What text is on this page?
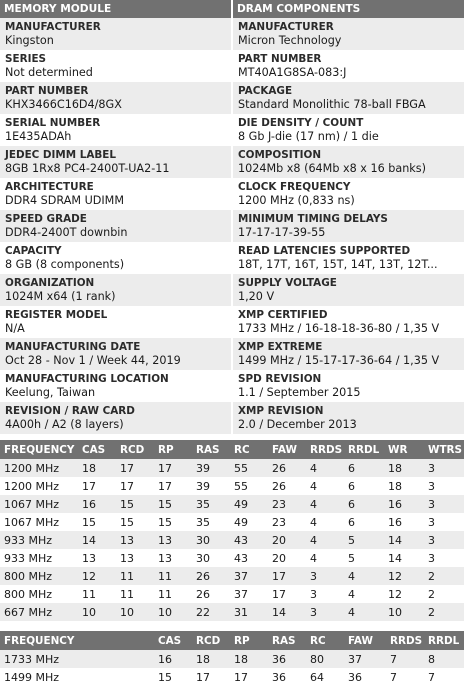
MEMORY MODULE
MANUFACTURER
Kingston
SERIES
Not determined
PART NUMBER
KHX3466C16D4/8GX
SERIAL NUMBER
1E435ADAh
JEDEC DIMM LABEL
8GB 1Rx8 PC4-2400T-UA2-11
ARCHITECTURE
DDR4 SDRAM UDIMM
SPEED GRADE
DDR4-2400T downbin
CAPACITY
8 GB (8 components)
ORGANIZATION
1024M x64 (1 rank)
REGISTER MODEL
N/A
MANUFACTURING DATE
Oct 28 - Nov 1 / Week 44, 2019
MANUFACTURING LOCATION
Keelung, Taiwan
REVISION / RAW CARD
4A00h / A2 (8 layers)
DRAM COMPONENTS
MANUFACTURER
Micron Technology
PART NUMBER
MT40A1G8SA-083:J
PACKAGE
Standard Monolithic 78-ball FBGA
DIE DENSITY / COUNT
8 Gb J-die (17 nm) / 1 die
COMPOSITION
1024Mb x8 (64Mb x8 x 16 banks)
CLOCK FREQUENCY
1200 MHz (0,833 ns)
MINIMUM TIMING DELAYS
17-17-17-39-55
READ LATENCIES SUPPORTED
18T, 17T, 16T, 15T, 14T, 13T, 12T...
SUPPLY VOLTAGE
1,20 V
XMP CERTIFIED
1733 MHz / 16-18-18-36-80 / 1,35 V
XMP EXTREME
1499 MHz / 15-17-17-36-64 / 1,35 V
SPD REVISION
1.1 / September 2015
XMP REVISION
2.0 / December 2013
FREQUENCY	CAS	RCD	RP	RAS	RC	FAW	RRDS	RRDL	WR	WTRS
1200 MHz	18	17	17	39	55	26	4	6	18	3
1200 MHz	17	17	17	39	55	26	4	6	18	3
1067 MHz	16	15	15	35	49	23	4	6	16	3
1067 MHz	15	15	15	35	49	23	4	6	16	3
933 MHz	14	13	13	30	43	20	4	5	14	3
933 MHz	13	13	13	30	43	20	4	5	14	3
800 MHz	12	11	11	26	37	17	3	4	12	2
800 MHz	11	11	11	26	37	17	3	4	12	2
667 MHz	10	10	10	22	31	14	3	4	10	2
FREQUENCY	CAS	RCD	RP	RAS	RC	FAW	RRDS	RRDL
1733 MHz	16	18	18	36	80	37	7	8
1499 MHz	15	17	17	36	64	36	7	7
